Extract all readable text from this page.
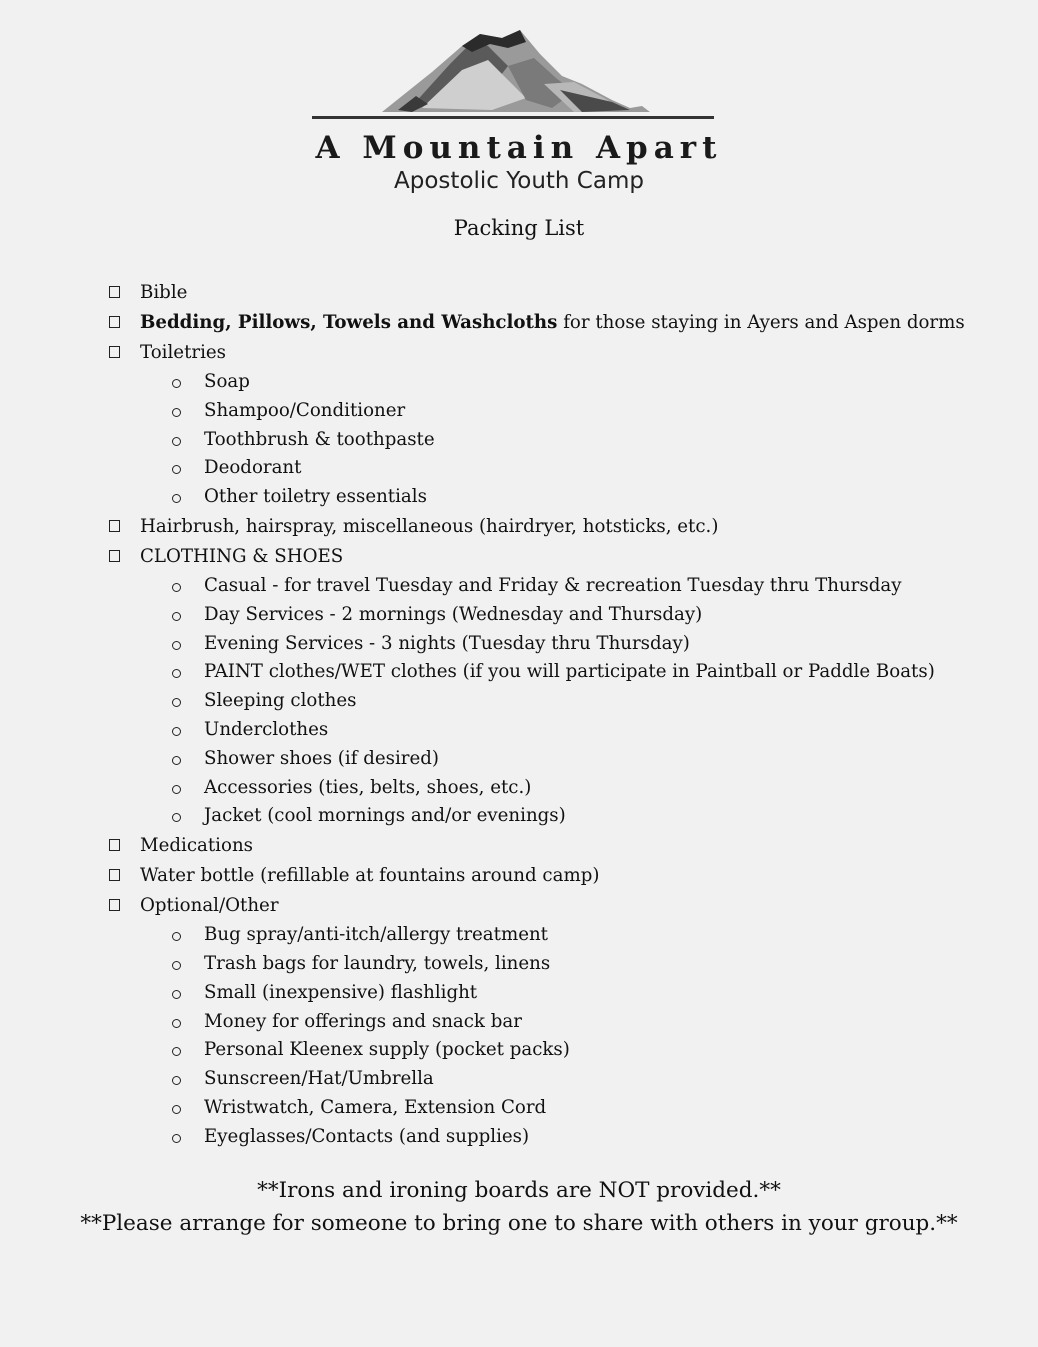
A Mountain Apart
Apostolic Youth Camp
Packing List
Bible
Bedding, Pillows, Towels and Washcloths for those staying in Ayers and Aspen dorms
Toiletries
Soap
Shampoo/Conditioner
Toothbrush & toothpaste
Deodorant
Other toiletry essentials
Hairbrush, hairspray, miscellaneous (hairdryer, hotsticks, etc.)
CLOTHING & SHOES
Casual - for travel Tuesday and Friday & recreation Tuesday thru Thursday
Day Services - 2 mornings (Wednesday and Thursday)
Evening Services - 3 nights (Tuesday thru Thursday)
PAINT clothes/WET clothes (if you will participate in Paintball or Paddle Boats)
Sleeping clothes
Underclothes
Shower shoes (if desired)
Accessories (ties, belts, shoes, etc.)
Jacket (cool mornings and/or evenings)
Medications
Water bottle (refillable at fountains around camp)
Optional/Other
Bug spray/anti-itch/allergy treatment
Trash bags for laundry, towels, linens
Small (inexpensive) flashlight
Money for offerings and snack bar
Personal Kleenex supply (pocket packs)
Sunscreen/Hat/Umbrella
Wristwatch, Camera, Extension Cord
Eyeglasses/Contacts (and supplies)
**Irons and ironing boards are NOT provided.**
**Please arrange for someone to bring one to share with others in your group.**
